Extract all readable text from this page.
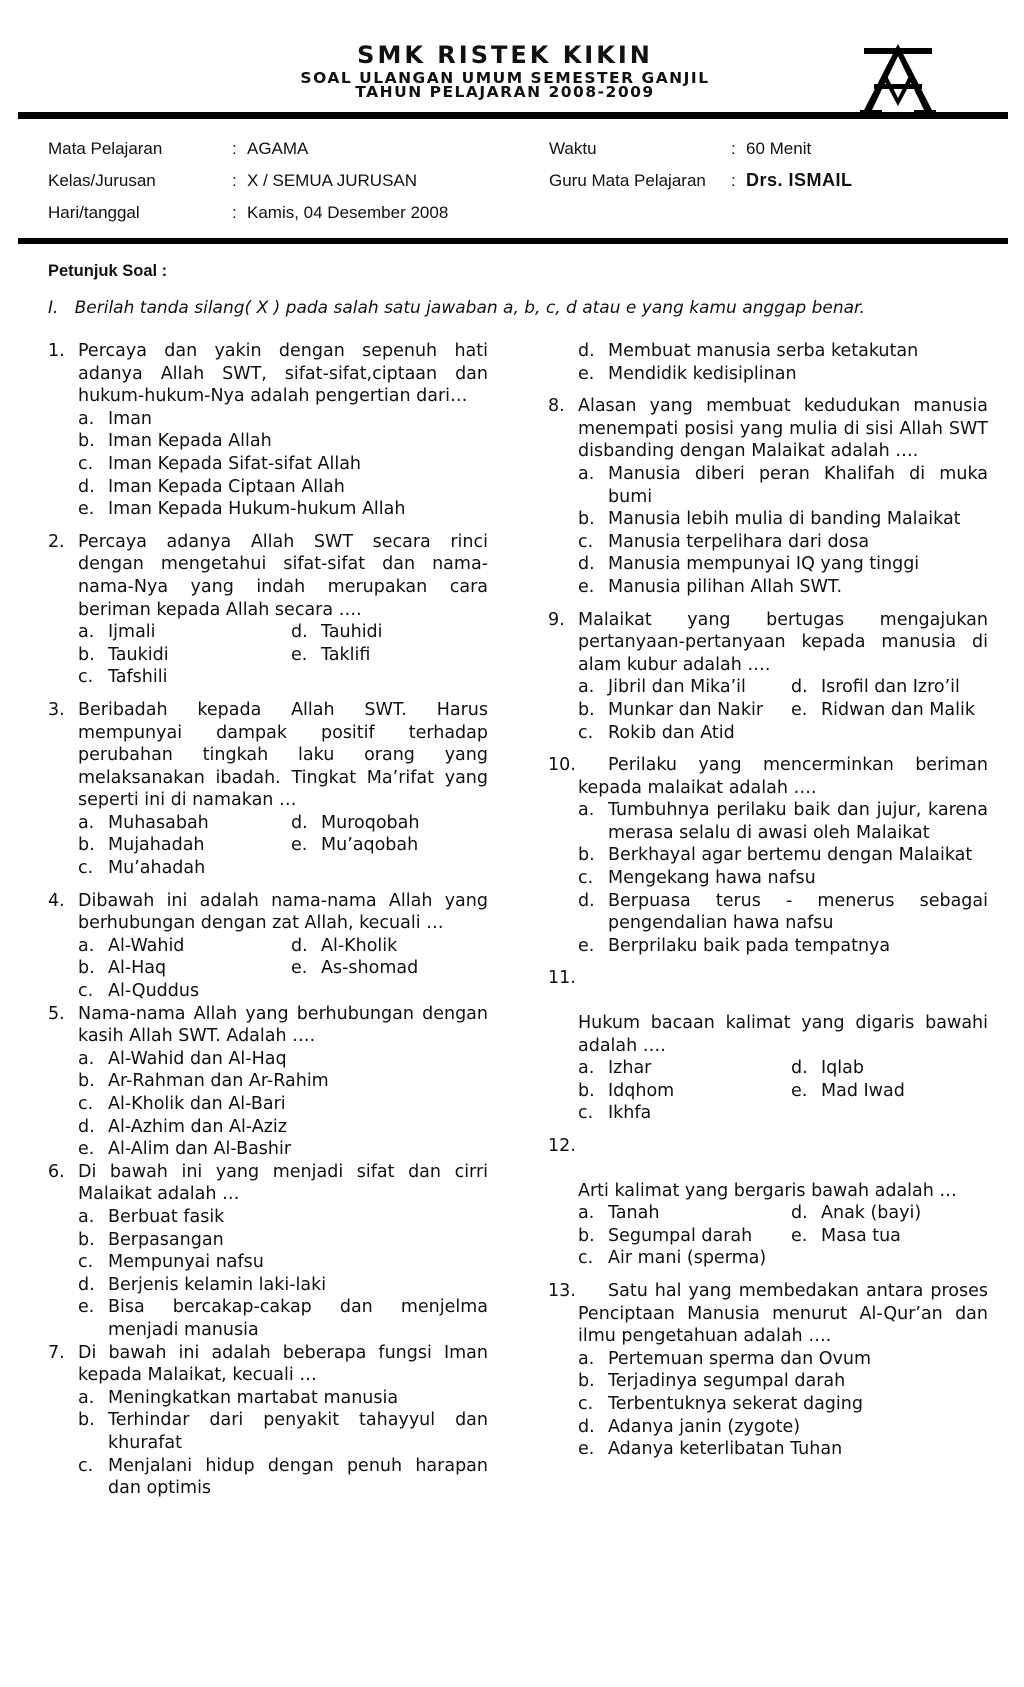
SMK RISTEK KIKIN
SOAL ULANGAN UMUM SEMESTER GANJIL
TAHUN PELAJARAN 2008-2009
Mata Pelajaran	: AGAMA
Kelas/Jurusan	: X / SEMUA JURUSAN
Hari/tanggal	: Kamis, 04 Desember 2008
Waktu	: 60 Menit
Guru Mata Pelajaran : Drs. ISMAIL
Petunjuk Soal :
I.   Berilah tanda silang( X ) pada salah satu jawaban a, b, c, d atau e yang kamu anggap benar.
1. Percaya dan yakin dengan sepenuh hati adanya Allah SWT, sifat-sifat,ciptaan dan hukum-hukum-Nya adalah pengertian dari…
a. Iman
b. Iman Kepada Allah
c. Iman Kepada Sifat-sifat Allah
d. Iman Kepada Ciptaan Allah
e. Iman Kepada Hukum-hukum Allah
2. Percaya adanya Allah SWT secara rinci dengan mengetahui sifat-sifat dan nama-nama-Nya yang indah merupakan cara beriman kepada Allah secara ….
a. Ijmali	d. Tauhidi
b. Taukidi	e. Taklifi
c. Tafshili
3. Beribadah kepada Allah SWT. Harus mempunyai dampak positif terhadap perubahan tingkah laku orang yang melaksanakan ibadah. Tingkat Ma’rifat yang seperti ini di namakan …
a. Muhasabah	d. Muroqobah
b. Mujahadah	e. Mu’aqobah
c. Mu’ahadah
4. Dibawah ini adalah nama-nama Allah yang berhubungan dengan zat Allah, kecuali …
a. Al-Wahid	d. Al-Kholik
b. Al-Haq	e. As-shomad
c. Al-Quddus
5. Nama-nama Allah yang berhubungan dengan kasih Allah SWT. Adalah ….
a. Al-Wahid dan Al-Haq
b. Ar-Rahman dan Ar-Rahim
c. Al-Kholik dan Al-Bari
d. Al-Azhim dan Al-Aziz
e. Al-Alim dan Al-Bashir
6. Di bawah ini yang menjadi sifat dan cirri Malaikat adalah …
a. Berbuat fasik
b. Berpasangan
c. Mempunyai nafsu
d. Berjenis kelamin laki-laki
e. Bisa bercakap-cakap dan menjelma menjadi manusia
7. Di bawah ini adalah beberapa fungsi Iman kepada Malaikat, kecuali …
a. Meningkatkan martabat manusia
b. Terhindar dari penyakit tahayyul dan khurafat
c. Menjalani hidup dengan penuh harapan dan optimis
d. Membuat manusia serba ketakutan
e. Mendidik kedisiplinan
8. Alasan yang membuat kedudukan manusia menempati posisi yang mulia di sisi Allah SWT disbanding dengan Malaikat adalah ….
a. Manusia diberi peran Khalifah di muka bumi
b. Manusia lebih mulia di banding Malaikat
c. Manusia terpelihara dari dosa
d. Manusia mempunyai IQ yang tinggi
e. Manusia pilihan Allah SWT.
9. Malaikat yang bertugas mengajukan pertanyaan-pertanyaan kepada manusia di alam kubur adalah ….
a. Jibril dan Mika’il	d. Isrofil dan Izro’il
b. Munkar dan Nakir	e. Ridwan dan Malik
c. Rokib dan Atid
10.	Perilaku yang mencerminkan beriman kepada malaikat adalah ….
a. Tumbuhnya perilaku baik dan jujur, karena merasa selalu di awasi oleh Malaikat
b. Berkhayal agar bertemu dengan Malaikat
c. Mengekang hawa nafsu
d. Berpuasa terus - menerus sebagai pengendalian hawa nafsu
e. Berprilaku baik pada tempatnya
11.
Hukum bacaan kalimat yang digaris bawahi adalah ….
a. Izhar	d. Iqlab
b. Idqhom	e. Mad Iwad
c. Ikhfa
12.
Arti kalimat yang bergaris bawah adalah …
a. Tanah	d. Anak (bayi)
b. Segumpal darah	e. Masa tua
c. Air mani (sperma)
13.	Satu hal yang membedakan antara proses Penciptaan Manusia menurut Al-Qur’an dan ilmu pengetahuan adalah ….
a. Pertemuan sperma dan Ovum
b. Terjadinya segumpal darah
c. Terbentuknya sekerat daging
d. Adanya janin (zygote)
e. Adanya keterlibatan Tuhan
